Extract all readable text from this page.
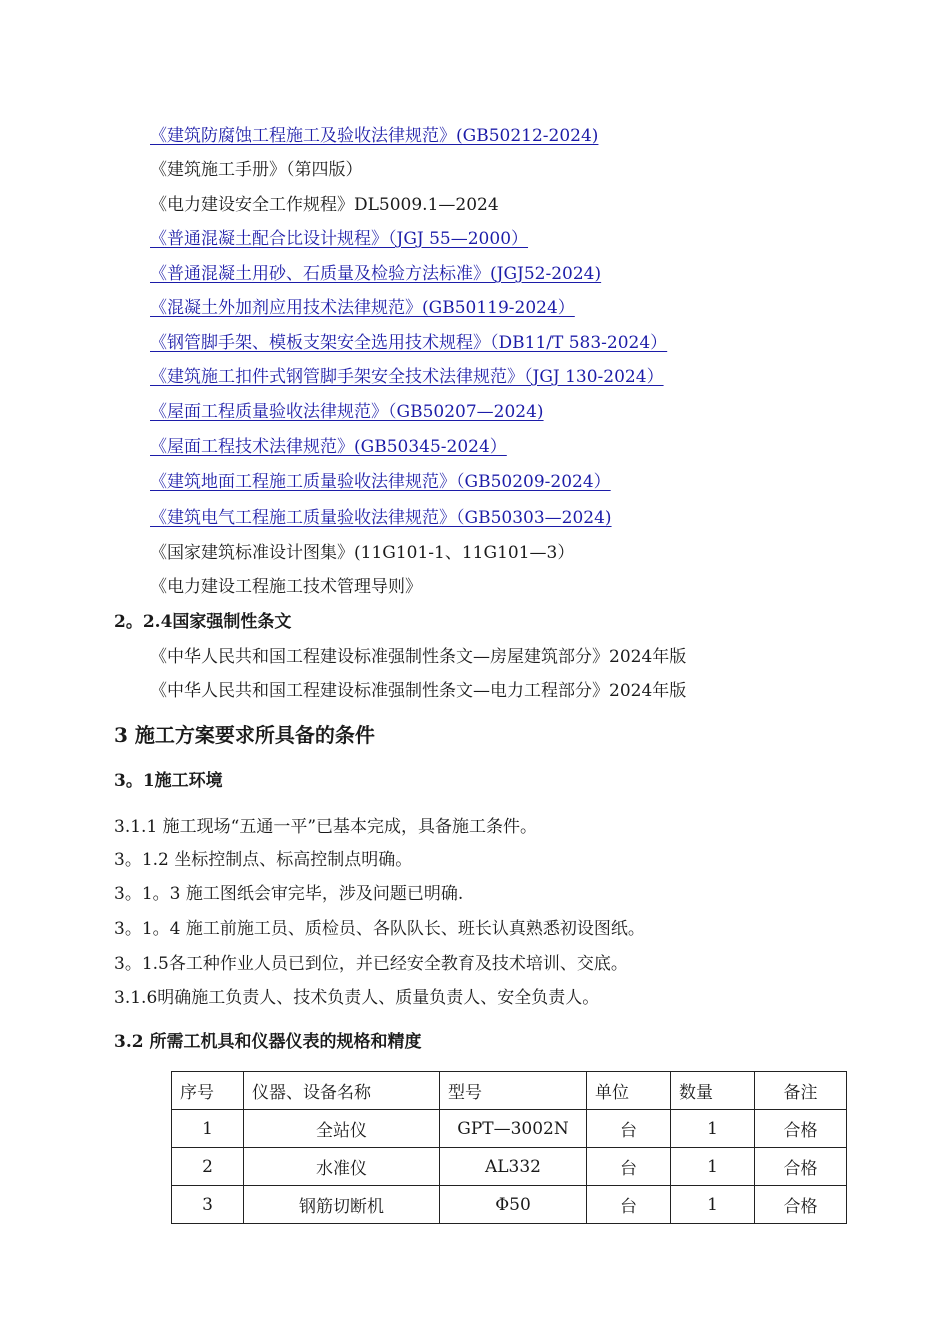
《建筑防腐蚀工程施工及验收法律规范》(GB50212-2024)
《建筑施工手册》（第四版）
《电力建设安全工作规程》DL5009.1—2024
《普通混凝土配合比设计规程》（JGJ 55—2000）
《普通混凝土用砂、石质量及检验方法标准》(JGJ52-2024)
《混凝土外加剂应用技术法律规范》(GB50119-2024）
《钢管脚手架、模板支架安全选用技术规程》（DB11/T 583-2024）
《建筑施工扣件式钢管脚手架安全技术法律规范》（JGJ 130-2024）
《屋面工程质量验收法律规范》（GB50207—2024)
《屋面工程技术法律规范》(GB50345-2024）
《建筑地面工程施工质量验收法律规范》（GB50209-2024）
《建筑电气工程施工质量验收法律规范》（GB50303—2024)
《国家建筑标准设计图集》(11G101-1、11G101—3）
《电力建设工程施工技术管理导则》
2。2.4国家强制性条文
《中华人民共和国工程建设标准强制性条文—房屋建筑部分》2024年版
《中华人民共和国工程建设标准强制性条文—电力工程部分》2024年版
3 施工方案要求所具备的条件
3。1施工环境
3.1.1 施工现场“五通一平”已基本完成，具备施工条件。
3。1.2 坐标控制点、标高控制点明确。
3。1。3 施工图纸会审完毕，涉及问题已明确.
3。1。4 施工前施工员、质检员、各队队长、班长认真熟悉初设图纸。
3。1.5各工种作业人员已到位，并已经安全教育及技术培训、交底。
3.1.6明确施工负责人、技术负责人、质量负责人、安全负责人。
3.2 所需工机具和仪器仪表的规格和精度
序号	仪器、设备名称	型号	单位	数量	备注
1	全站仪	GPT—3002N	台	1	合格
2	水准仪	AL332	台	1	合格
3	钢筋切断机	Φ50	台	1	合格
